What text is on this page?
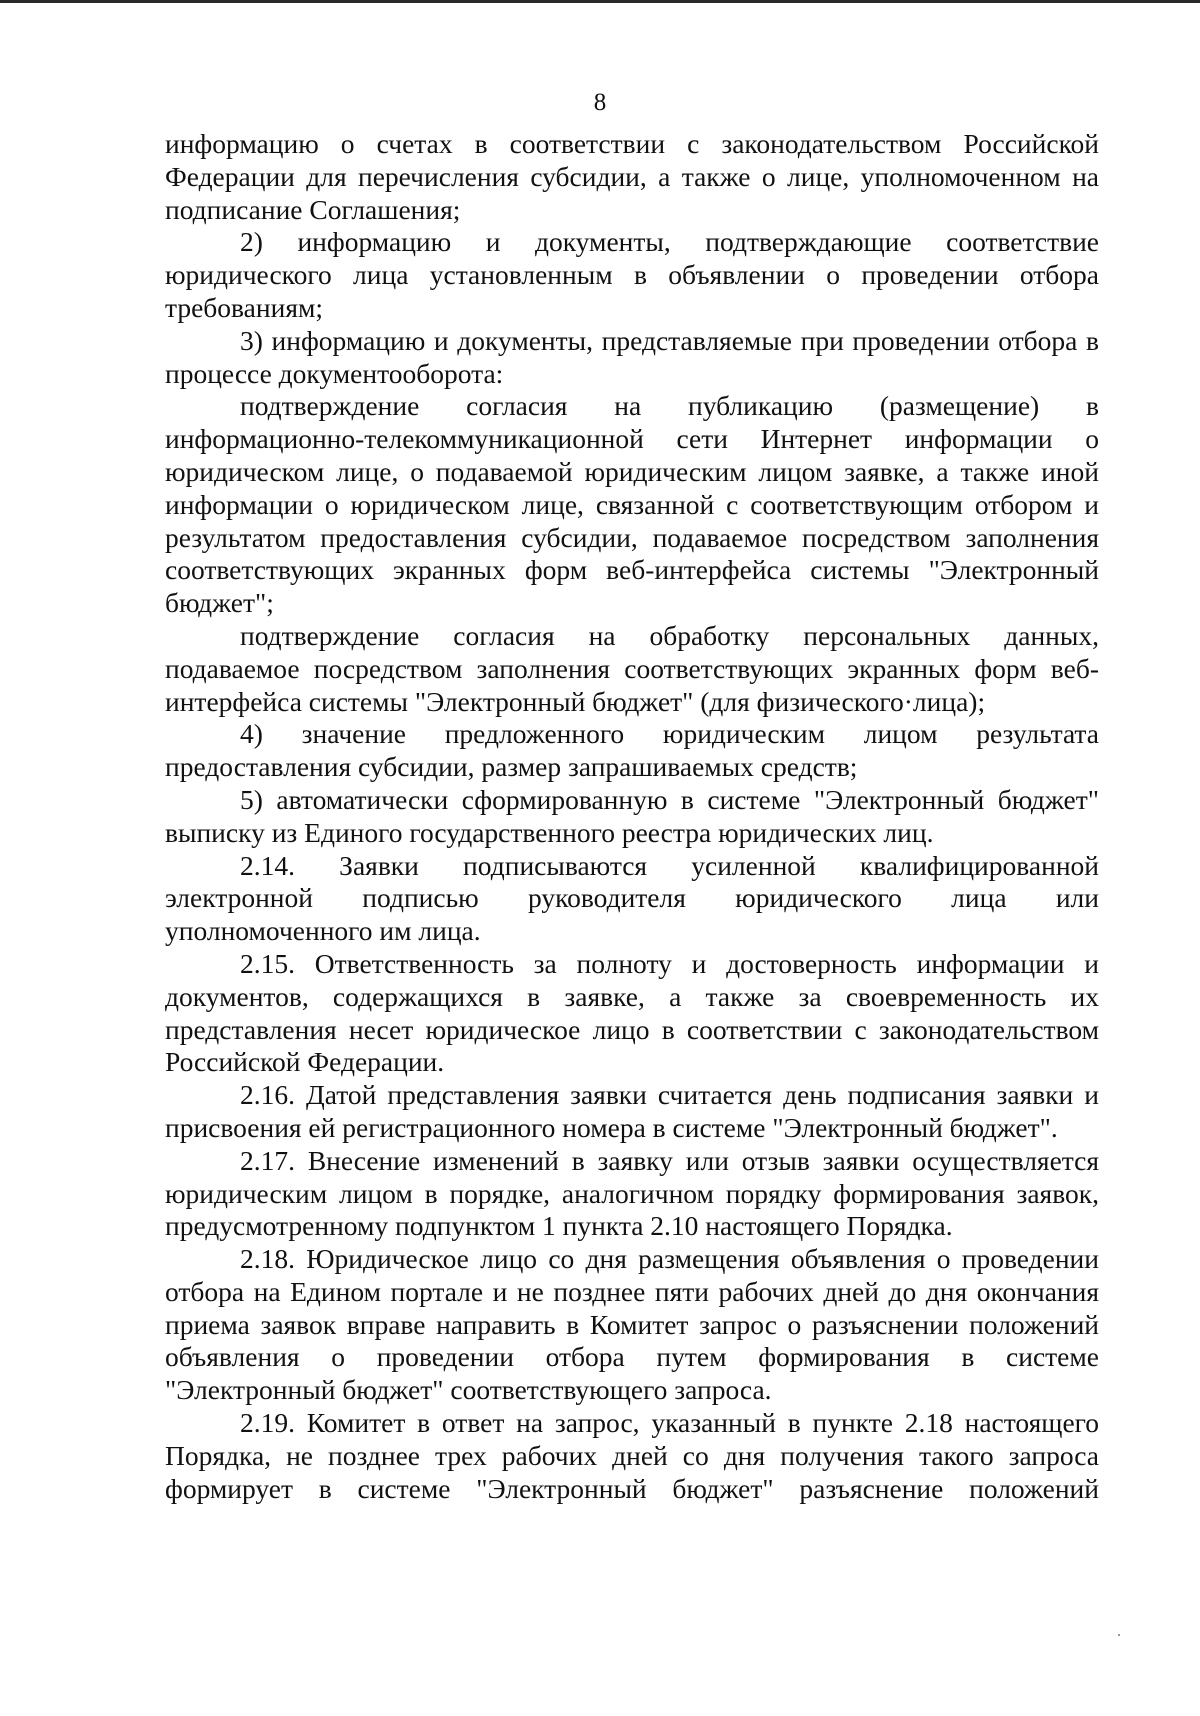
8

информацию о счетах в соответствии с законодательством Российской Федерации для перечисления субсидии, а также о лице, уполномоченном на подписание Соглашения;

2) информацию и документы, подтверждающие соответствие юридического лица установленным в объявлении о проведении отбора требованиям;

3) информацию и документы, представляемые при проведении отбора в процессе документооборота:

подтверждение согласия на публикацию (размещение) в информационно-телекоммуникационной сети Интернет информации о юридическом лице, о подаваемой юридическим лицом заявке, а также иной информации о юридическом лице, связанной с соответствующим отбором и результатом предоставления субсидии, подаваемое посредством заполнения соответствующих экранных форм веб-интерфейса системы "Электронный бюджет";

подтверждение согласия на обработку персональных данных, подаваемое посредством заполнения соответствующих экранных форм веб-интерфейса системы "Электронный бюджет" (для физического·лица);

4) значение предложенного юридическим лицом результата предоставления субсидии, размер запрашиваемых средств;

5) автоматически сформированную в системе "Электронный бюджет" выписку из Единого государственного реестра юридических лиц.

2.14. Заявки подписываются усиленной квалифицированной электронной подписью руководителя юридического лица или уполномоченного им лица.

2.15. Ответственность за полноту и достоверность информации и документов, содержащихся в заявке, а также за своевременность их представления несет юридическое лицо в соответствии с законодательством Российской Федерации.

2.16. Датой представления заявки считается день подписания заявки и присвоения ей регистрационного номера в системе "Электронный бюджет".

2.17. Внесение изменений в заявку или отзыв заявки осуществляется юридическим лицом в порядке, аналогичном порядку формирования заявок, предусмотренному подпунктом 1 пункта 2.10 настоящего Порядка.

2.18. Юридическое лицо со дня размещения объявления о проведении отбора на Едином портале и не позднее пяти рабочих дней до дня окончания приема заявок вправе направить в Комитет запрос о разъяснении положений объявления о проведении отбора путем формирования в системе "Электронный бюджет" соответствующего запроса.

2.19. Комитет в ответ на запрос, указанный в пункте 2.18 настоящего Порядка, не позднее трех рабочих дней со дня получения такого запроса формирует в системе "Электронный бюджет" разъяснение положений
